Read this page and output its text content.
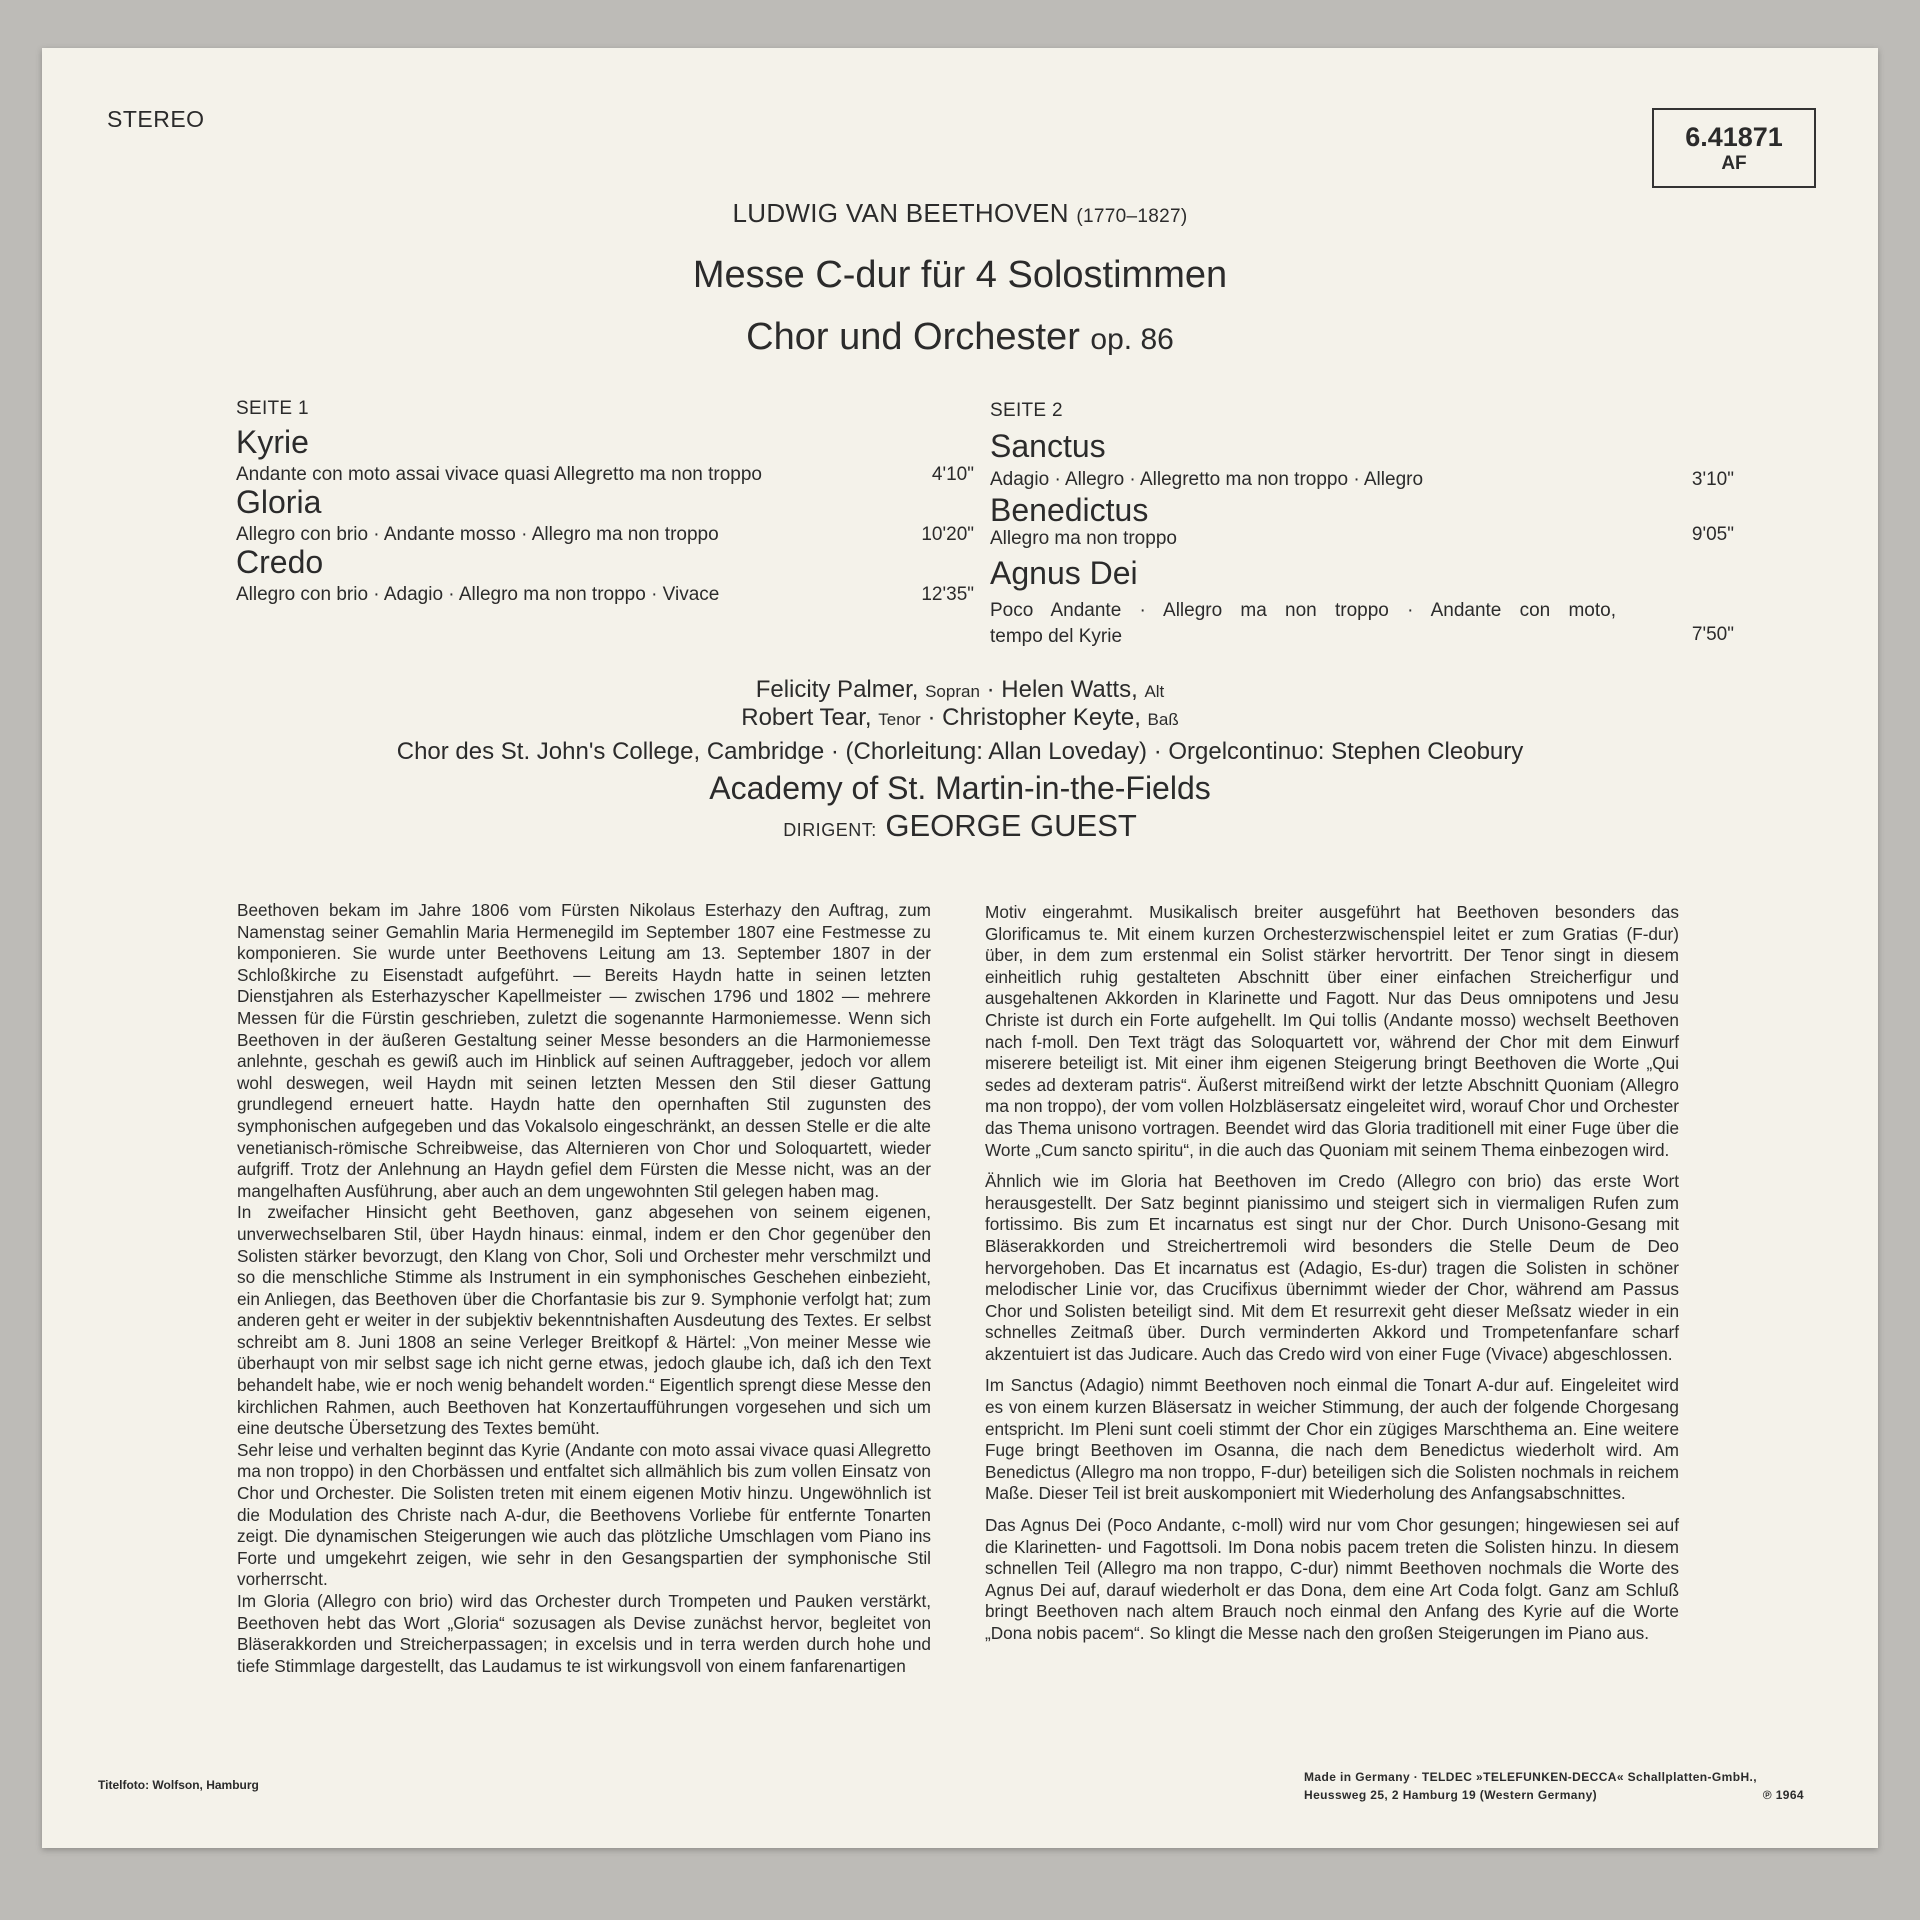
STEREO
6.41871
AF
LUDWIG VAN BEETHOVEN (1770–1827)
Messe C-dur für 4 Solostimmen
Chor und Orchester op. 86
SEITE 1
Kyrie
Andante con moto assai vivace quasi Allegretto ma non troppo	4'10"
Gloria
Allegro con brio · Andante mosso · Allegro ma non troppo	10'20"
Credo
Allegro con brio · Adagio · Allegro ma non troppo · Vivace	12'35"
SEITE 2
Sanctus
Adagio · Allegro · Allegretto ma non troppo · Allegro	3'10"
Benedictus
Allegro ma non troppo	9'05"
Agnus Dei
Poco Andante · Allegro ma non troppo · Andante con moto,
tempo del Kyrie	7'50"
Felicity Palmer, Sopran · Helen Watts, Alt
Robert Tear, Tenor · Christopher Keyte, Baß
Chor des St. John's College, Cambridge · (Chorleitung: Allan Loveday) · Orgelcontinuo: Stephen Cleobury
Academy of St. Martin-in-the-Fields
DIRIGENT: GEORGE GUEST

Beethoven bekam im Jahre 1806 vom Fürsten Nikolaus Esterhazy den Auftrag, zum Namenstag seiner Gemahlin Maria Hermenegild im September 1807 eine Festmesse zu komponieren. Sie wurde unter Beethovens Leitung am 13. September 1807 in der Schloßkirche zu Eisenstadt aufgeführt. — Bereits Haydn hatte in seinen letzten Dienstjahren als Esterhazyscher Kapellmeister — zwischen 1796 und 1802 — mehrere Messen für die Fürstin geschrieben, zuletzt die sogenannte Harmoniemesse. Wenn sich Beethoven in der äußeren Gestaltung seiner Messe besonders an die Harmoniemesse anlehnte, geschah es gewiß auch im Hinblick auf seinen Auftraggeber, jedoch vor allem wohl deswegen, weil Haydn mit seinen letzten Messen den Stil dieser Gattung grundlegend erneuert hatte. Haydn hatte den opernhaften Stil zugunsten des symphonischen aufgegeben und das Vokalsolo eingeschränkt, an dessen Stelle er die alte venetianisch-römische Schreibweise, das Alternieren von Chor und Soloquartett, wieder aufgriff. Trotz der Anlehnung an Haydn gefiel dem Fürsten die Messe nicht, was an der mangelhaften Ausführung, aber auch an dem ungewohnten Stil gelegen haben mag.

In zweifacher Hinsicht geht Beethoven, ganz abgesehen von seinem eigenen, unverwechselbaren Stil, über Haydn hinaus: einmal, indem er den Chor gegenüber den Solisten stärker bevorzugt, den Klang von Chor, Soli und Orchester mehr verschmilzt und so die menschliche Stimme als Instrument in ein symphonisches Geschehen einbezieht, ein Anliegen, das Beethoven über die Chorfantasie bis zur 9. Symphonie verfolgt hat; zum anderen geht er weiter in der subjektiv bekenntnishaften Ausdeutung des Textes. Er selbst schreibt am 8. Juni 1808 an seine Verleger Breitkopf & Härtel: „Von meiner Messe wie überhaupt von mir selbst sage ich nicht gerne etwas, jedoch glaube ich, daß ich den Text behandelt habe, wie er noch wenig behandelt worden.“ Eigentlich sprengt diese Messe den kirchlichen Rahmen, auch Beethoven hat Konzertaufführungen vorgesehen und sich um eine deutsche Übersetzung des Textes bemüht.

Sehr leise und verhalten beginnt das Kyrie (Andante con moto assai vivace quasi Allegretto ma non troppo) in den Chorbässen und entfaltet sich allmählich bis zum vollen Einsatz von Chor und Orchester. Die Solisten treten mit einem eigenen Motiv hinzu. Ungewöhnlich ist die Modulation des Christe nach A-dur, die Beethovens Vorliebe für entfernte Tonarten zeigt. Die dynamischen Steigerungen wie auch das plötzliche Umschlagen vom Piano ins Forte und umgekehrt zeigen, wie sehr in den Gesangspartien der symphonische Stil vorherrscht.

Im Gloria (Allegro con brio) wird das Orchester durch Trompeten und Pauken verstärkt, Beethoven hebt das Wort „Gloria“ sozusagen als Devise zunächst hervor, begleitet von Bläserakkorden und Streicherpassagen; in excelsis und in terra werden durch hohe und tiefe Stimmlage dargestellt, das Laudamus te ist wirkungsvoll von einem fanfarenartigen

Motiv eingerahmt. Musikalisch breiter ausgeführt hat Beethoven besonders das Glorificamus te. Mit einem kurzen Orchesterzwischenspiel leitet er zum Gratias (F-dur) über, in dem zum erstenmal ein Solist stärker hervortritt. Der Tenor singt in diesem einheitlich ruhig gestalteten Abschnitt über einer einfachen Streicherfigur und ausgehaltenen Akkorden in Klarinette und Fagott. Nur das Deus omnipotens und Jesu Christe ist durch ein Forte aufgehellt. Im Qui tollis (Andante mosso) wechselt Beethoven nach f-moll. Den Text trägt das Soloquartett vor, während der Chor mit dem Einwurf miserere beteiligt ist. Mit einer ihm eigenen Steigerung bringt Beethoven die Worte „Qui sedes ad dexteram patris“. Äußerst mitreißend wirkt der letzte Abschnitt Quoniam (Allegro ma non troppo), der vom vollen Holzbläsersatz eingeleitet wird, worauf Chor und Orchester das Thema unisono vortragen. Beendet wird das Gloria traditionell mit einer Fuge über die Worte „Cum sancto spiritu“, in die auch das Quoniam mit seinem Thema einbezogen wird.

Ähnlich wie im Gloria hat Beethoven im Credo (Allegro con brio) das erste Wort herausgestellt. Der Satz beginnt pianissimo und steigert sich in viermaligen Rufen zum fortissimo. Bis zum Et incarnatus est singt nur der Chor. Durch Unisono-Gesang mit Bläserakkorden und Streichertremoli wird besonders die Stelle Deum de Deo hervorgehoben. Das Et incarnatus est (Adagio, Es-dur) tragen die Solisten in schöner melodischer Linie vor, das Crucifixus übernimmt wieder der Chor, während am Passus Chor und Solisten beteiligt sind. Mit dem Et resurrexit geht dieser Meßsatz wieder in ein schnelles Zeitmaß über. Durch verminderten Akkord und Trompetenfanfare scharf akzentuiert ist das Judicare. Auch das Credo wird von einer Fuge (Vivace) abgeschlossen.

Im Sanctus (Adagio) nimmt Beethoven noch einmal die Tonart A-dur auf. Eingeleitet wird es von einem kurzen Bläsersatz in weicher Stimmung, der auch der folgende Chorgesang entspricht. Im Pleni sunt coeli stimmt der Chor ein zügiges Marschthema an. Eine weitere Fuge bringt Beethoven im Osanna, die nach dem Benedictus wiederholt wird. Am Benedictus (Allegro ma non troppo, F-dur) beteiligen sich die Solisten nochmals in reichem Maße. Dieser Teil ist breit auskomponiert mit Wiederholung des Anfangsabschnittes.

Das Agnus Dei (Poco Andante, c-moll) wird nur vom Chor gesungen; hingewiesen sei auf die Klarinetten- und Fagottsoli. Im Dona nobis pacem treten die Solisten hinzu. In diesem schnellen Teil (Allegro ma non trappo, C-dur) nimmt Beethoven nochmals die Worte des Agnus Dei auf, darauf wiederholt er das Dona, dem eine Art Coda folgt. Ganz am Schluß bringt Beethoven nach altem Brauch noch einmal den Anfang des Kyrie auf die Worte „Dona nobis pacem“. So klingt die Messe nach den großen Steigerungen im Piano aus.

Titelfoto: Wolfson, Hamburg
Made in Germany · TELDEC »TELEFUNKEN-DECCA« Schallplatten-GmbH.,
Heussweg 25, 2 Hamburg 19 (Western Germany)	℗ 1964
